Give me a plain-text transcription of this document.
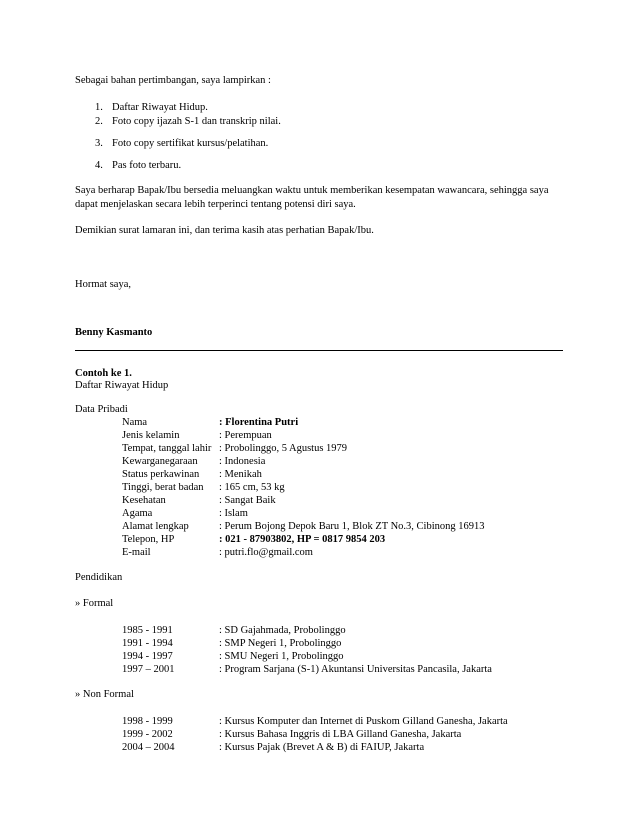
Sebagai bahan pertimbangan, saya lampirkan :
1. Daftar Riwayat Hidup.
2. Foto copy ijazah S-1 dan transkrip nilai.
3. Foto copy sertifikat kursus/pelatihan.
4. Pas foto terbaru.
Saya berharap Bapak/Ibu bersedia meluangkan waktu untuk memberikan kesempatan wawancara, sehingga saya
dapat menjelaskan secara lebih terperinci tentang potensi diri saya.
Demikian surat lamaran ini, dan terima kasih atas perhatian Bapak/Ibu.
Hormat saya,
Benny Kasmanto
Contoh ke 1.
Daftar Riwayat Hidup
Data Pribadi
Nama	: Florentina Putri
Jenis kelamin	: Perempuan
Tempat, tanggal lahir : Probolinggo, 5 Agustus 1979
Kewarganegaraan : Indonesia
Status perkawinan : Menikah
Tinggi, berat badan : 165 cm, 53 kg
Kesehatan	: Sangat Baik
Agama	: Islam
Alamat lengkap	: Perum Bojong Depok Baru 1, Blok ZT No.3, Cibinong 16913
Telepon, HP	: 021 - 87903802, HP = 0817 9854 203
E-mail	: putri.flo@gmail.com
Pendidikan
» Formal
1985 - 1991	: SD Gajahmada, Probolinggo
1991 - 1994	: SMP Negeri 1, Probolinggo
1994 - 1997	: SMU Negeri 1, Probolinggo
1997 – 2001	: Program Sarjana (S-1) Akuntansi Universitas Pancasila, Jakarta
» Non Formal
1998 - 1999	: Kursus Komputer dan Internet di Puskom Gilland Ganesha, Jakarta
1999 - 2002	: Kursus Bahasa Inggris di LBA Gilland Ganesha, Jakarta
2004 – 2004	: Kursus Pajak (Brevet A & B) di FAIUP, Jakarta
